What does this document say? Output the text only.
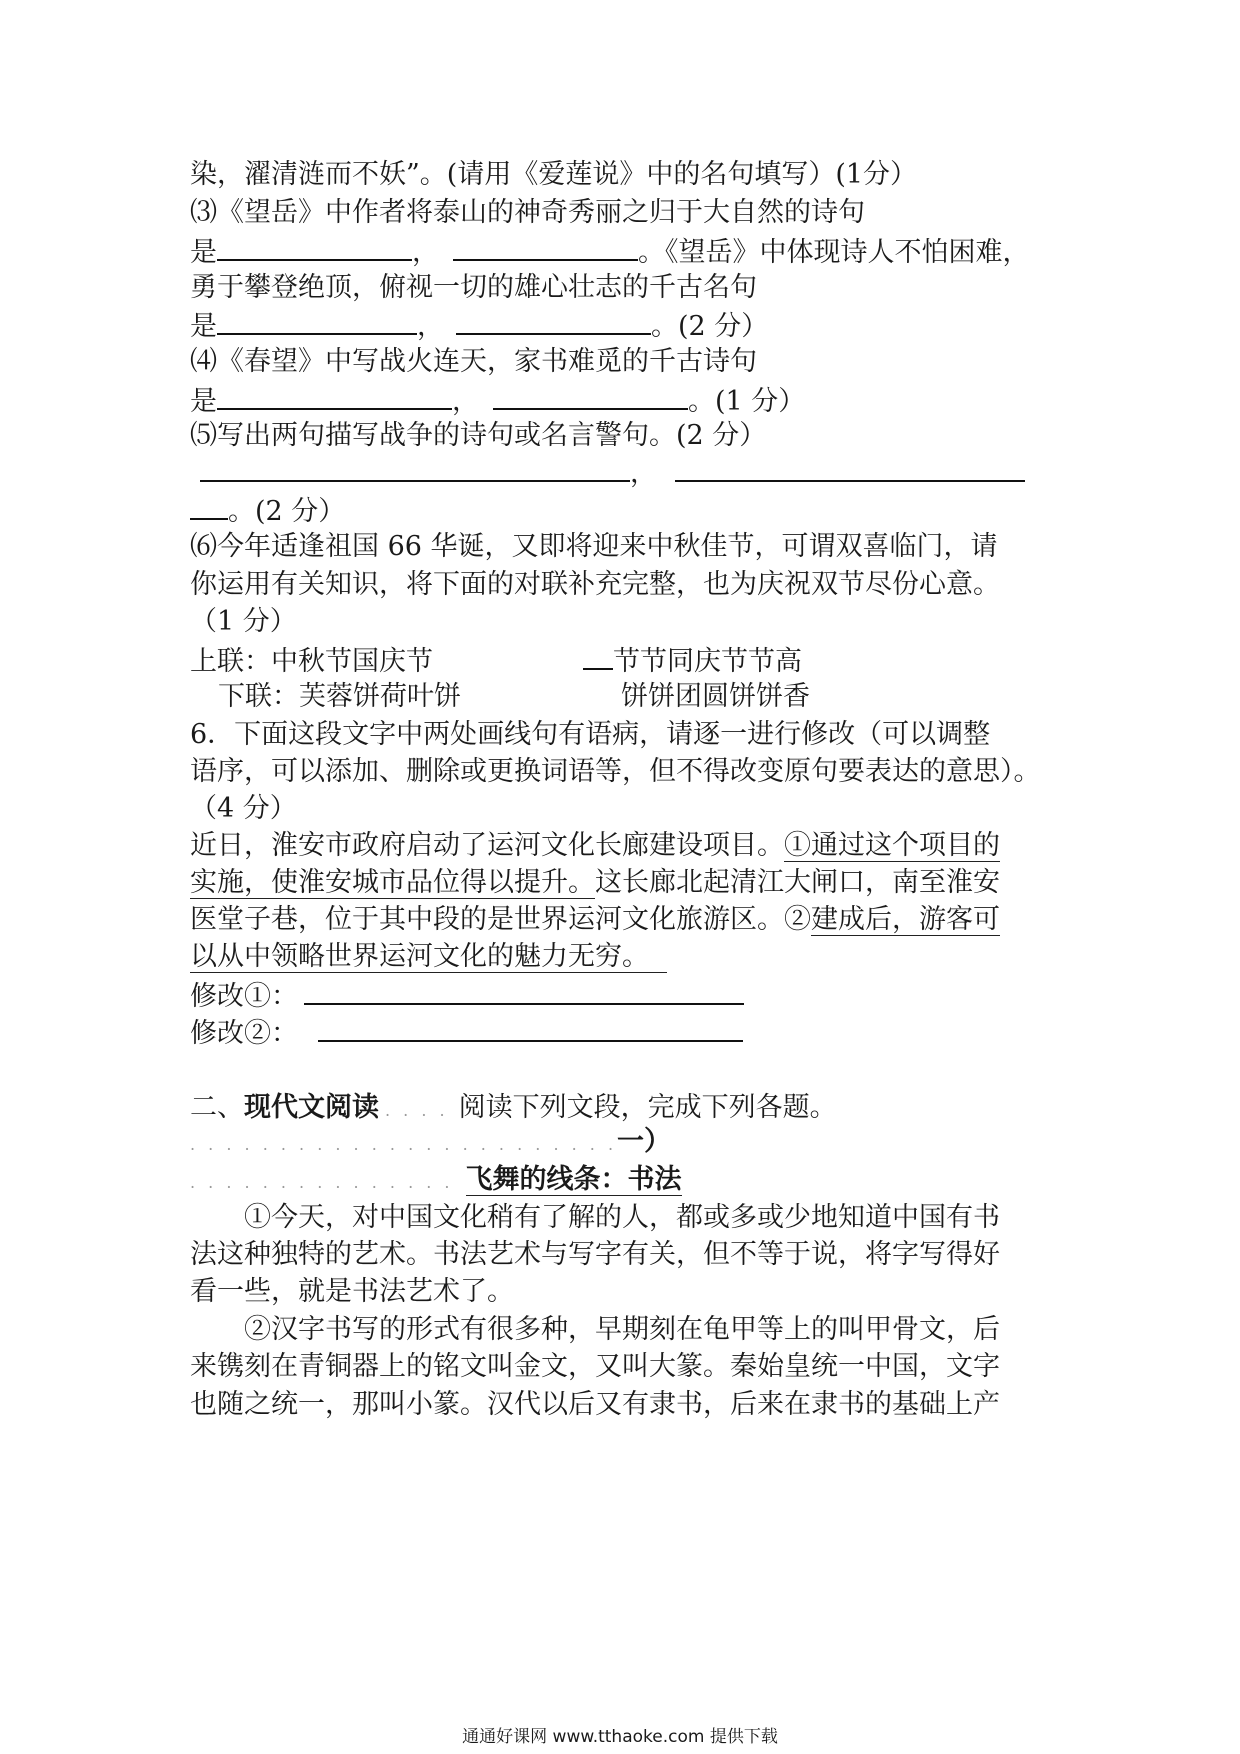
染，濯清涟而不妖”。(请用《爱莲说》中的名句填写）(1分）
⑶《望岳》中作者将泰山的神奇秀丽之归于大自然的诗句
是	，	。《望岳》中体现诗人不怕困难，
勇于攀登绝顶，俯视一切的雄心壮志的千古名句
是	，	。(2 分）
⑷《春望》中写战火连天，家书难觅的千古诗句
是	，	。(1 分）
⑸写出两句描写战争的诗句或名言警句。(2 分）
，
。(2 分）
⑹今年适逢祖国 66 华诞，又即将迎来中秋佳节，可谓双喜临门，请
你运用有关知识，将下面的对联补充完整，也为庆祝双节尽份心意。
（1 分）
上联：中秋节国庆节	节节同庆节节高
下联：芙蓉饼荷叶饼	饼饼团圆饼饼香
6．下面这段文字中两处画线句有语病，请逐一进行修改（可以调整
语序，可以添加、删除或更换词语等，但不得改变原句要表达的意思）。
（4 分）
近日，淮安市政府启动了运河文化长廊建设项目。①通过这个项目的
实施，使淮安城市品位得以提升。这长廊北起清江大闸口，南至淮安
医堂子巷，位于其中段的是世界运河文化旅游区。②建成后，游客可
以从中领略世界运河文化的魅力无穷。
修改①：
修改②：
二、现代文阅读 . . . . 阅读下列文段，完成下列各题。
. . . . . . . . . . . . . . . . . . . . . . . .一）
. . . . . . . . . . . . . . . 飞舞的线条：书法
①今天，对中国文化稍有了解的人，都或多或少地知道中国有书
法这种独特的艺术。书法艺术与写字有关，但不等于说，将字写得好
看一些，就是书法艺术了。
②汉字书写的形式有很多种，早期刻在龟甲等上的叫甲骨文，后
来镌刻在青铜器上的铭文叫金文，又叫大篆。秦始皇统一中国，文字
也随之统一，那叫小篆。汉代以后又有隶书，后来在隶书的基础上产
通通好课网 www.tthaoke.com 提供下载
